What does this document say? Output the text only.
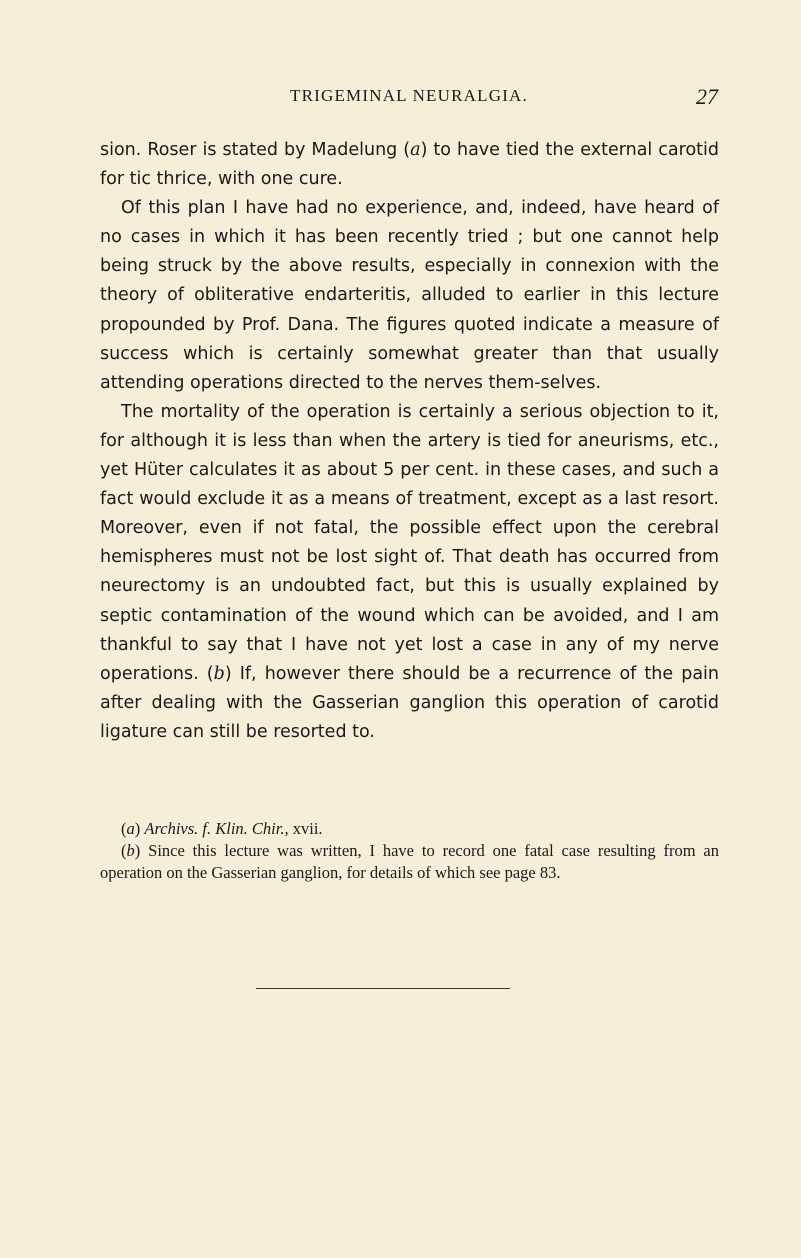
TRIGEMINAL NEURALGIA.	27

sion. Roser is stated by Madelung (a) to have tied the external carotid for tic thrice, with one cure.

Of this plan I have had no experience, and, indeed, have heard of no cases in which it has been recently tried ; but one cannot help being struck by the above results, especially in connexion with the theory of obliterative endarteritis, alluded to earlier in this lecture propounded by Prof. Dana. The figures quoted indicate a measure of success which is certainly somewhat greater than that usually attending operations directed to the nerves them-selves.

The mortality of the operation is certainly a serious objection to it, for although it is less than when the artery is tied for aneurisms, etc., yet Hüter calculates it as about 5 per cent. in these cases, and such a fact would exclude it as a means of treatment, except as a last resort. Moreover, even if not fatal, the possible effect upon the cerebral hemispheres must not be lost sight of. That death has occurred from neurectomy is an undoubted fact, but this is usually explained by septic contamination of the wound which can be avoided, and I am thankful to say that I have not yet lost a case in any of my nerve operations. (b) If, however there should be a recurrence of the pain after dealing with the Gasserian ganglion this operation of carotid ligature can still be resorted to.

(a) Archivs. f. Klin. Chir., xvii.

(b) Since this lecture was written, I have to record one fatal case resulting from an operation on the Gasserian ganglion, for details of which see page 83.
